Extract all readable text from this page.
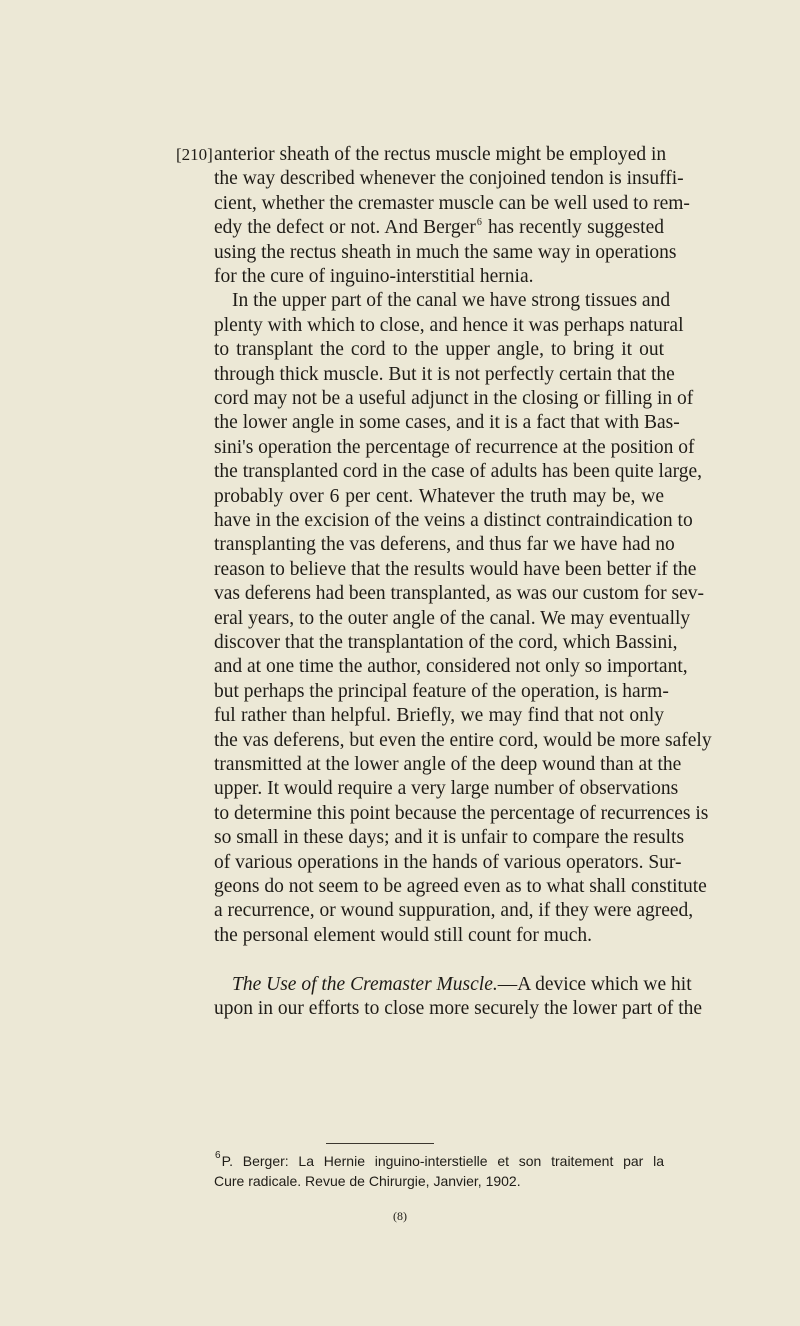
[210] anterior sheath of the rectus muscle might be employed in
the way described whenever the conjoined tendon is insuffi-
cient, whether the cremaster muscle can be well used to rem-
edy the defect or not. And Berger$^6$ has recently suggested
using the rectus sheath in much the same way in operations
for the cure of inguino-interstitial hernia.
In the upper part of the canal we have strong tissues and
plenty with which to close, and hence it was perhaps natural
to transplant the cord to the upper angle, to bring it out
through thick muscle. But it is not perfectly certain that the
cord may not be a useful adjunct in the closing or filling in of
the lower angle in some cases, and it is a fact that with Bas-
sini's operation the percentage of recurrence at the position of
the transplanted cord in the case of adults has been quite large,
probably over 6 per cent. Whatever the truth may be, we
have in the excision of the veins a distinct contraindication to
transplanting the vas deferens, and thus far we have had no
reason to believe that the results would have been better if the
vas deferens had been transplanted, as was our custom for sev-
eral years, to the outer angle of the canal. We may eventually
discover that the transplantation of the cord, which Bassini,
and at one time the author, considered not only so important,
but perhaps the principal feature of the operation, is harm-
ful rather than helpful. Briefly, we may find that not only
the vas deferens, but even the entire cord, would be more safely
transmitted at the lower angle of the deep wound than at the
upper. It would require a very large number of observations
to determine this point because the percentage of recurrences is
so small in these days; and it is unfair to compare the results
of various operations in the hands of various operators. Sur-
geons do not seem to be agreed even as to what shall constitute
a recurrence, or wound suppuration, and, if they were agreed,
the personal element would still count for much.
The Use of the Cremaster Muscle.—A device which we hit
upon in our efforts to close more securely the lower part of the
$^6$P. Berger: La Hernie inguino-interstielle et son traitement par la
Cure radicale. Revue de Chirurgie, Janvier, 1902.
(8)
